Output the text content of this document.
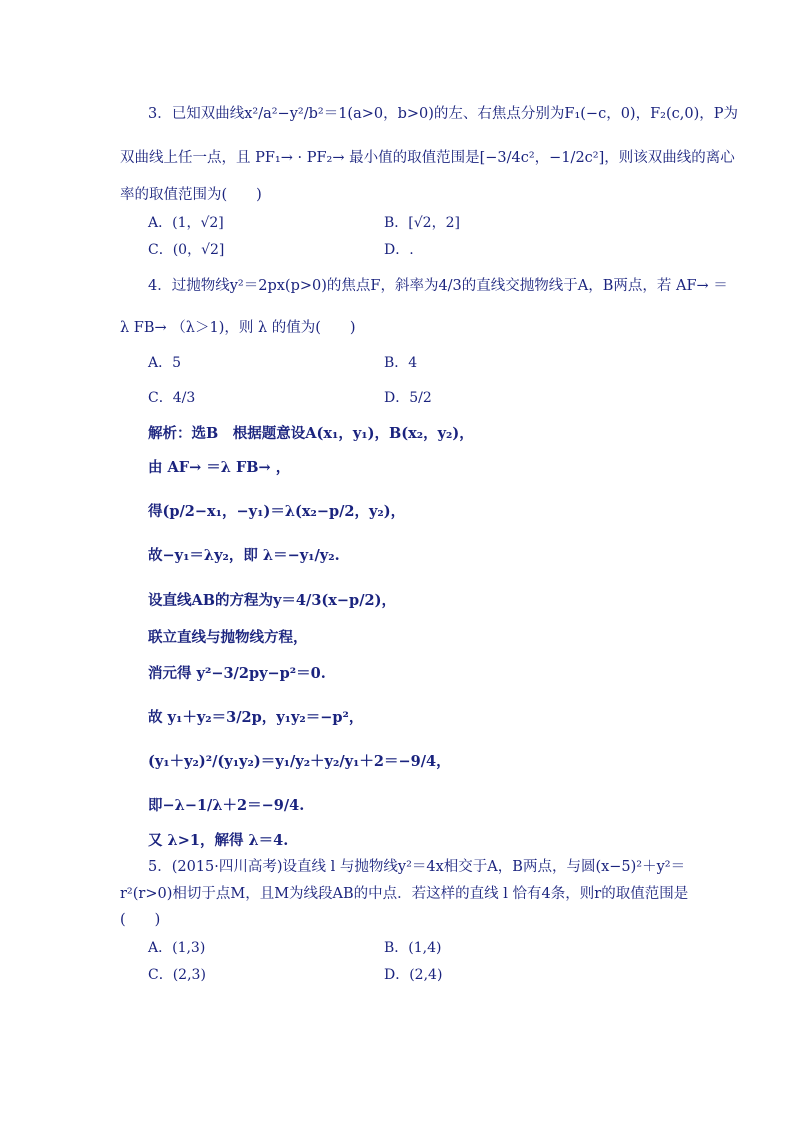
3．已知双曲线x²/a²−y²/b²＝1(a>0，b>0)的左、右焦点分别为F₁(−c，0)，F₂(c,0)，P为
双曲线上任一点，且 PF₁→ · PF₂→ 最小值的取值范围是[−3/4c²，−1/2c²]，则该双曲线的离心
率的取值范围为(　　)
A．(1，√2]	B．[√2，2]
C．(0，√2]	D．.
4．过抛物线y²＝2px(p>0)的焦点F，斜率为4/3的直线交抛物线于A，B两点，若 AF→ ＝
λ FB→ （λ＞1)，则 λ 的值为(　　)
A．5	B．4
C．4/3	D．5/2
解析：选B　根据题意设A(x₁，y₁)，B(x₂，y₂)，
由 AF→ ＝λ FB→ ，
得(p/2−x₁，−y₁)＝λ(x₂−p/2，y₂)，
故−y₁＝λy₂，即 λ＝−y₁/y₂.
设直线AB的方程为y＝4/3(x−p/2)，
联立直线与抛物线方程，
消元得 y²−3/2py−p²＝0.
故 y₁＋y₂＝3/2p，y₁y₂＝−p²，
(y₁＋y₂)²/(y₁y₂)＝y₁/y₂＋y₂/y₁＋2＝−9/4，
即−λ−1/λ＋2＝−9/4.
又 λ>1，解得 λ＝4.
5．(2015·四川高考)设直线 l 与抛物线y²＝4x相交于A，B两点，与圆(x−5)²＋y²＝
r²(r>0)相切于点M，且M为线段AB的中点．若这样的直线 l 恰有4条，则r的取值范围是
(　　)
A．(1,3)	B．(1,4)
C．(2,3)	D．(2,4)
